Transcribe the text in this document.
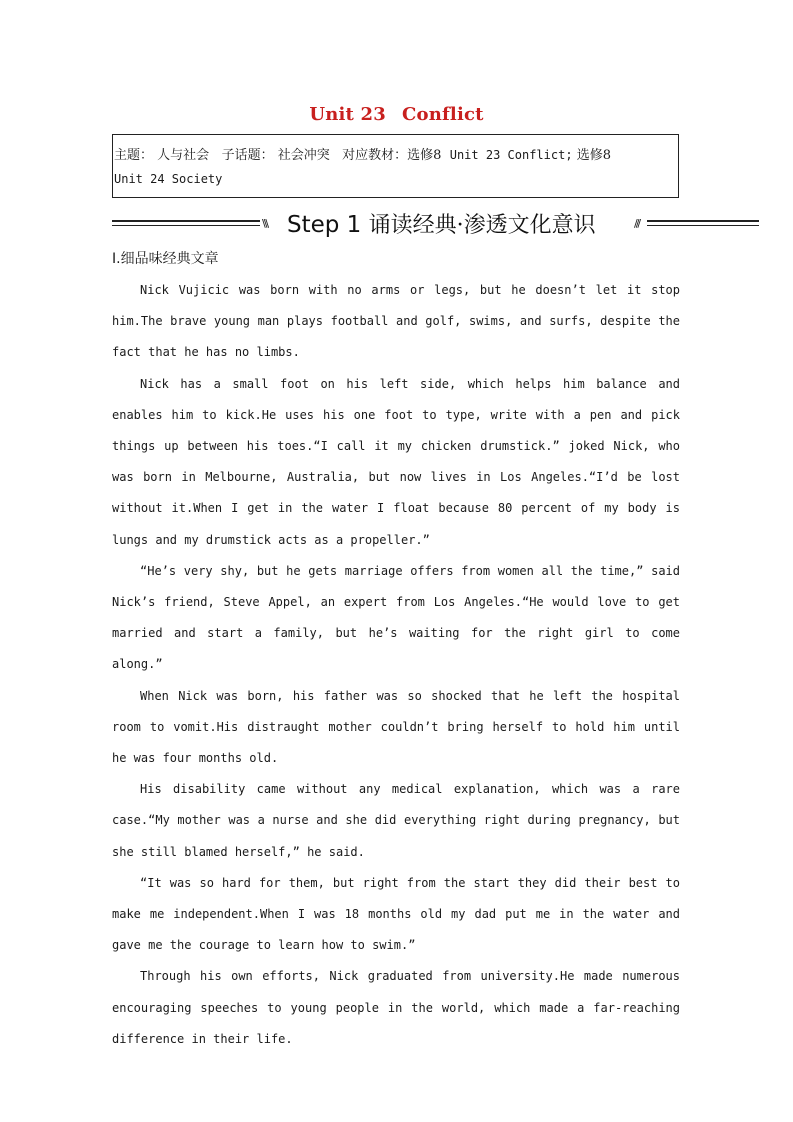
Unit 23 Conflict
主题： 人与社会 子话题： 社会冲突 对应教材：选修8 Unit 23 Conflict; 选修8
Unit 24 Society
\\\ Step 1 诵读经典·渗透文化意识	///
Ⅰ.细品味经典文章

Nick Vujicic was born with no arms or legs, but he doesn’t let it stop him.The brave young man plays football and golf, swims, and surfs, despite the fact that he has no limbs.

Nick has a small foot on his left side, which helps him balance and enables him to kick.He uses his one foot to type, write with a pen and pick things up between his toes.“I call it my chicken drumstick.” joked Nick, who was born in Melbourne, Australia, but now lives in Los Angeles.“I’d be lost without it.When I get in the water I float because 80 percent of my body is lungs and my drumstick acts as a propeller.”

“He’s very shy, but he gets marriage offers from women all the time,” said Nick’s friend, Steve Appel, an expert from Los Angeles.“He would love to get married and start a family, but he’s waiting for the right girl to come along.”

When Nick was born, his father was so shocked that he left the hospital room to vomit.His distraught mother couldn’t bring herself to hold him until he was four months old.

His disability came without any medical explanation, which was a rare case.“My mother was a nurse and she did everything right during pregnancy, but she still blamed herself,” he said.

“It was so hard for them, but right from the start they did their best to make me independent.When I was 18 months old my dad put me in the water and gave me the courage to learn how to swim.”

Through his own efforts, Nick graduated from university.He made numerous encouraging speeches to young people in the world, which made a far-reaching difference in their life.
